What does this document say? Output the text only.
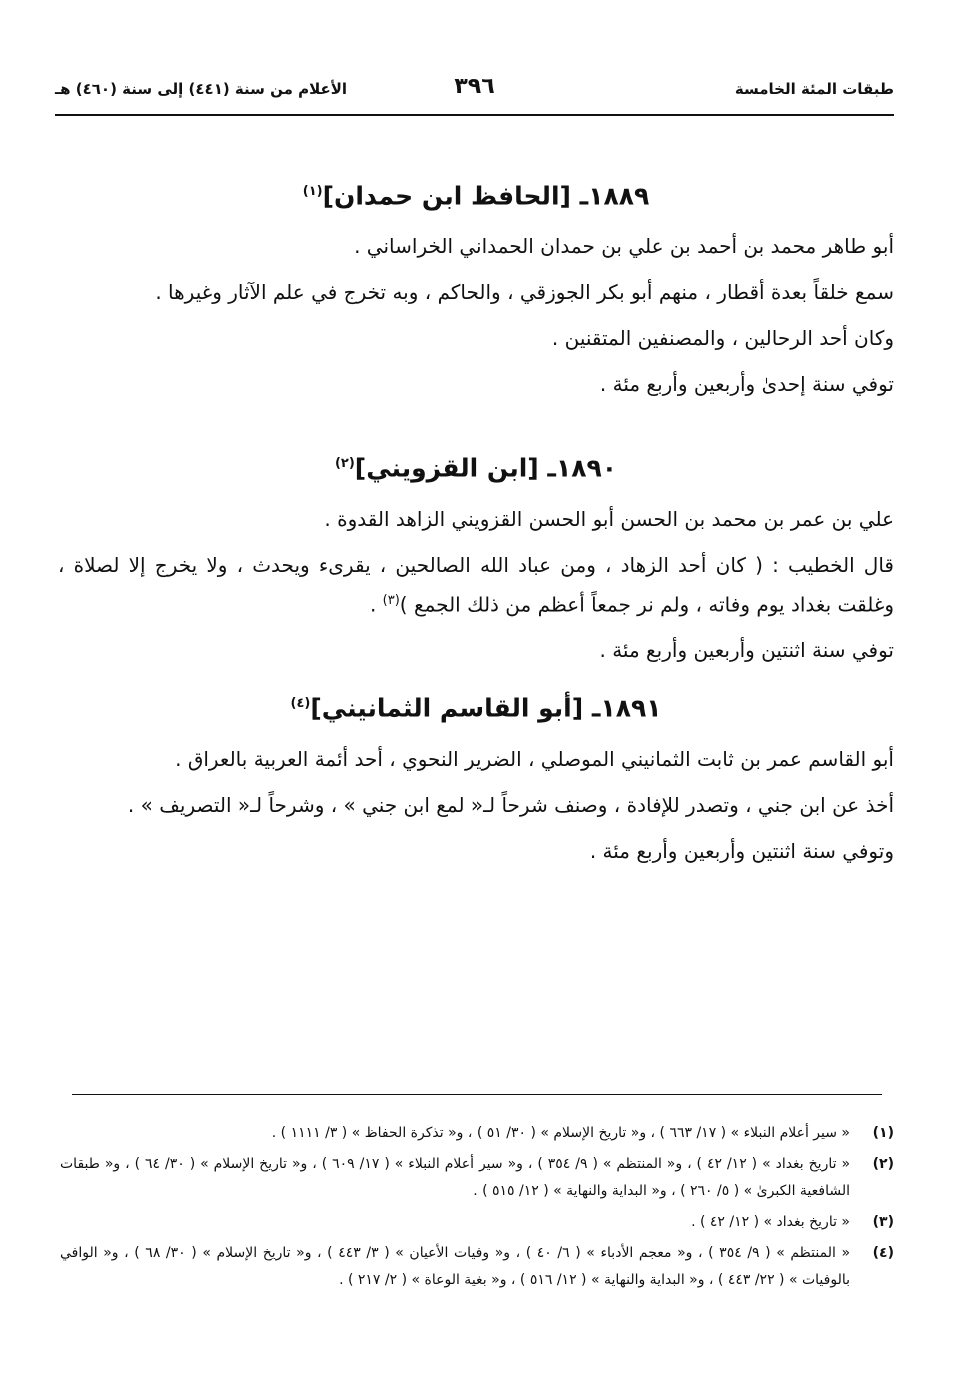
طبقات المئة الخامسة
٣٩٦
الأعلام من سنة (٤٤١) إلى سنة (٤٦٠) هـ
١٨٨٩ـ [الحافظ ابن حمدان]$^{(١)}$

أبو طاهر محمد بن أحمد بن علي بن حمدان الحمداني الخراساني .

سمع خلقاً بعدة أقطار ، منهم أبو بكر الجوزقي ، والحاكم ، وبه تخرج في علم الآثار وغيرها .

وكان أحد الرحالين ، والمصنفين المتقنين .

توفي سنة إحدىٰ وأربعين وأربع مئة .

١٨٩٠ـ [ابن القزويني]$^{(٢)}$

علي بن عمر بن محمد بن الحسن أبو الحسن القزويني الزاهد القدوة .

قال الخطيب : ( كان أحد الزهاد ، ومن عباد الله الصالحين ، يقرىء ويحدث ، ولا يخرج إلا لصلاة ، وغلقت بغداد يوم وفاته ، ولم نر جمعاً أعظم من ذلك الجمع )$^{(٣)}$ .

توفي سنة اثنتين وأربعين وأربع مئة .

١٨٩١ـ [أبو القاسم الثمانيني]$^{(٤)}$

أبو القاسم عمر بن ثابت الثمانيني الموصلي ، الضرير النحوي ، أحد أئمة العربية بالعراق .

أخذ عن ابن جني ، وتصدر للإفادة ، وصنف شرحاً لـ« لمع ابن جني » ، وشرحاً لـ« التصريف » .

وتوفي سنة اثنتين وأربعين وأربع مئة .

(١)
« سير أعلام النبلاء » ( ١٧/ ٦٦٣ ) ، و« تاريخ الإسلام » ( ٣٠/ ٥١ ) ، و« تذكرة الحفاظ » ( ٣/ ١١١١ ) .
(٢)
« تاريخ بغداد » ( ١٢/ ٤٢ ) ، و« المنتظم » ( ٩/ ٣٥٤ ) ، و« سير أعلام النبلاء » ( ١٧/ ٦٠٩ ) ، و« تاريخ الإسلام » ( ٣٠/ ٦٤ ) ، و« طبقات الشافعية الكبرىٰ » ( ٥/ ٢٦٠ ) ، و« البداية والنهاية » ( ١٢/ ٥١٥ ) .
(٣)
« تاريخ بغداد » ( ١٢/ ٤٢ ) .
(٤)
« المنتظم » ( ٩/ ٣٥٤ ) ، و« معجم الأدباء » ( ٦/ ٤٠ ) ، و« وفيات الأعيان » ( ٣/ ٤٤٣ ) ، و« تاريخ الإسلام » ( ٣٠/ ٦٨ ) ، و« الوافي بالوفيات » ( ٢٢/ ٤٤٣ ) ، و« البداية والنهاية » ( ١٢/ ٥١٦ ) ، و« بغية الوعاة » ( ٢/ ٢١٧ ) .
